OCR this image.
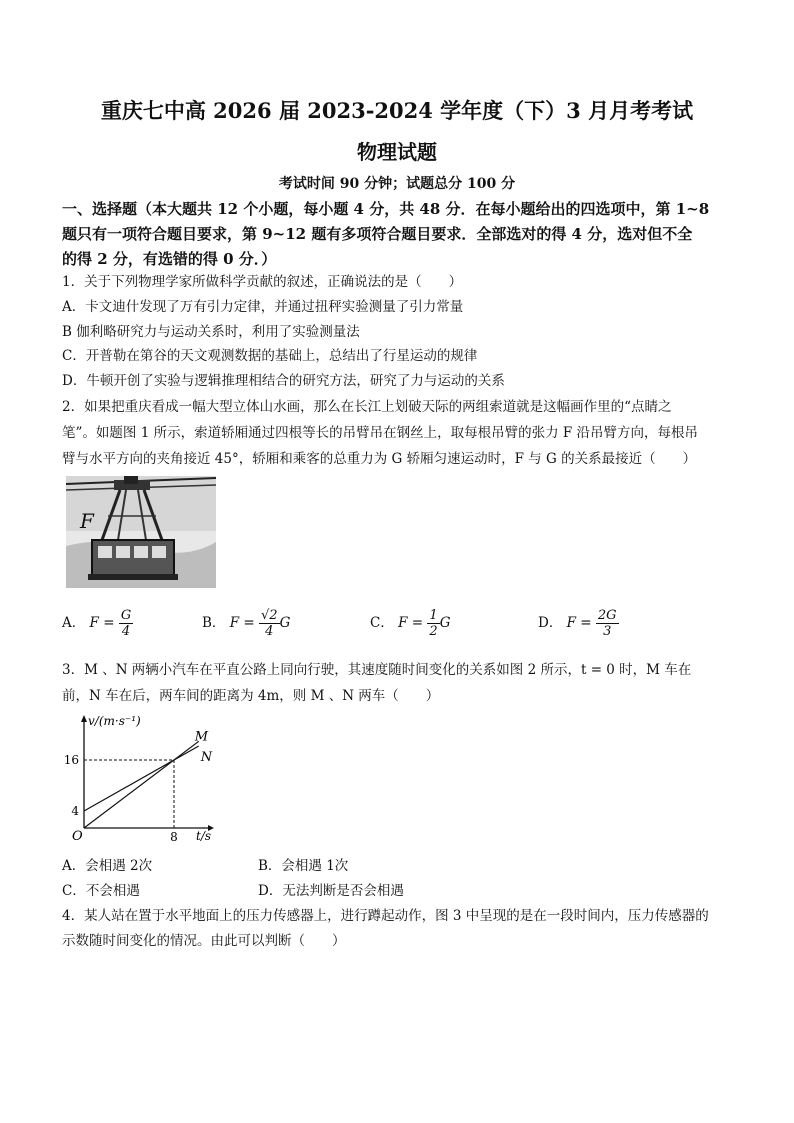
重庆七中高 2026 届 2023-2024 学年度（下）3 月月考考试
物理试题
考试时间 90 分钟；试题总分 100 分
一、选择题（本大题共 12 个小题，每小题 4 分，共 48 分．在每小题给出的四选项中，第 1~8
题只有一项符合题目要求，第 9~12 题有多项符合题目要求．全部选对的得 4 分，选对但不全
的得 2 分，有选错的得 0 分．）
1．关于下列物理学家所做科学贡献的叙述，正确说法的是（　　）
A．卡文迪什发现了万有引力定律，并通过扭秤实验测量了引力常量
B 伽利略研究力与运动关系时，利用了实验测量法
C．开普勒在第谷的天文观测数据的基础上，总结出了行星运动的规律
D．牛顿开创了实验与逻辑推理相结合的研究方法，研究了力与运动的关系
2．如果把重庆看成一幅大型立体山水画，那么在长江上划破天际的两组索道就是这幅画作里的“点睛之
笔”。如题图 1 所示，索道轿厢通过四根等长的吊臂吊在钢丝上，取每根吊臂的张力 F 沿吊臂方向，每根吊
臂与水平方向的夹角接近 45°，轿厢和乘客的总重力为 G 轿厢匀速运动时，F 与 G 的关系最接近（　　）
F
A． $F = \frac{G}{4}$	B． $F = \frac{√2}{4}$ G	C． $F = \frac{1}{2}$ G	D． $F = \frac{2G}{3}$
3．M 、N 两辆小汽车在平直公路上同向行驶，其速度随时间变化的关系如图 2 所示，t = 0 时，M 车在
前，N 车在后，两车间的距离为 4m，则 M 、N 两车（　　）
v/(m·s⁻¹)
t/s
O
16
4
8
M
N
A．会相遇 2次	B．会相遇 1次
C．不会相遇	D．无法判断是否会相遇
4．某人站在置于水平地面上的压力传感器上，进行蹲起动作，图 3 中呈现的是在一段时间内，压力传感器的
示数随时间变化的情况。由此可以判断（　　）
